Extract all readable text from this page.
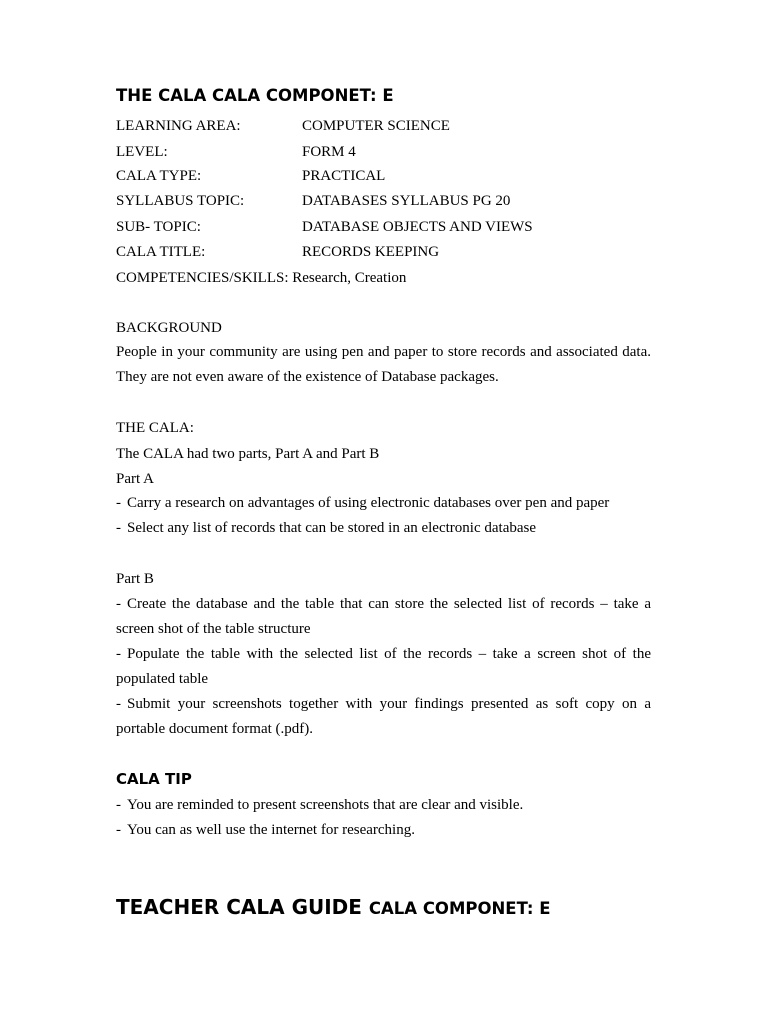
THE CALA CALA COMPONET: E
LEARNING AREA:	COMPUTER SCIENCE
LEVEL:	FORM 4
CALA TYPE:	PRACTICAL
SYLLABUS TOPIC:	DATABASES SYLLABUS PG 20
SUB- TOPIC:	DATABASE OBJECTS AND VIEWS
CALA TITLE:	RECORDS KEEPING
COMPETENCIES/SKILLS: Research, Creation
BACKGROUND
People in your community are using pen and paper to store records and associated data. They are not even aware of the existence of Database packages.
THE CALA:
The CALA had two parts, Part A and Part B
Part A
- Carry a research on advantages of using electronic databases over pen and paper
- Select any list of records that can be stored in an electronic database
Part B
- Create the database and the table that can store the selected list of records – take a screen shot of the table structure
- Populate the table with the selected list of the records – take a screen shot of the populated table
- Submit your screenshots together with your findings presented as soft copy on a portable document format (.pdf).
CALA TIP
- You are reminded to present screenshots that are clear and visible.
- You can as well use the internet for researching.
TEACHER CALA GUIDE CALA COMPONET: E
